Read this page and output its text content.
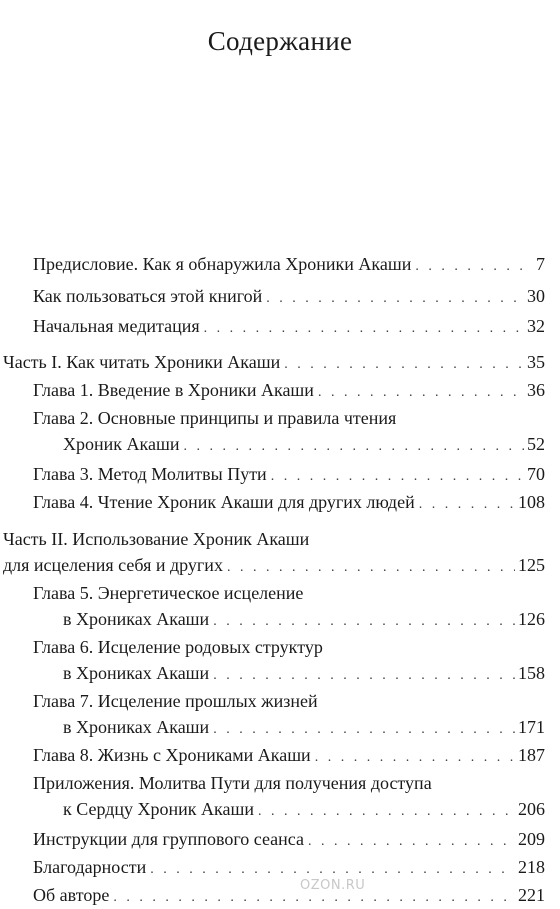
Содержание
Предисловие. Как я обнаружила Хроники Акаши . . .	7
Как пользоваться этой книгой . . .	30
Начальная медитация . . .	32
Часть I. Как читать Хроники Акаши . . .	35
Глава 1. Введение в Хроники Акаши . . .	36
Глава 2. Основные принципы и правила чтения
Хроник Акаши . . .	52
Глава 3. Метод Молитвы Пути . . .	70
Глава 4. Чтение Хроник Акаши для других людей . . .	108
Часть II. Использование Хроник Акаши
для исцеления себя и других . . .	125
Глава 5. Энергетическое исцеление
в Хрониках Акаши . . .	126
Глава 6. Исцеление родовых структур
в Хрониках Акаши . . .	158
Глава 7. Исцеление прошлых жизней
в Хрониках Акаши . . .	171
Глава 8. Жизнь с Хрониками Акаши . . .	187
Приложения. Молитва Пути для получения доступа
к Сердцу Хроник Акаши . . .	206
Инструкции для группового сеанса . . .	209
Благодарности . . .	218
Об авторе . . .	221
OZON.RU
